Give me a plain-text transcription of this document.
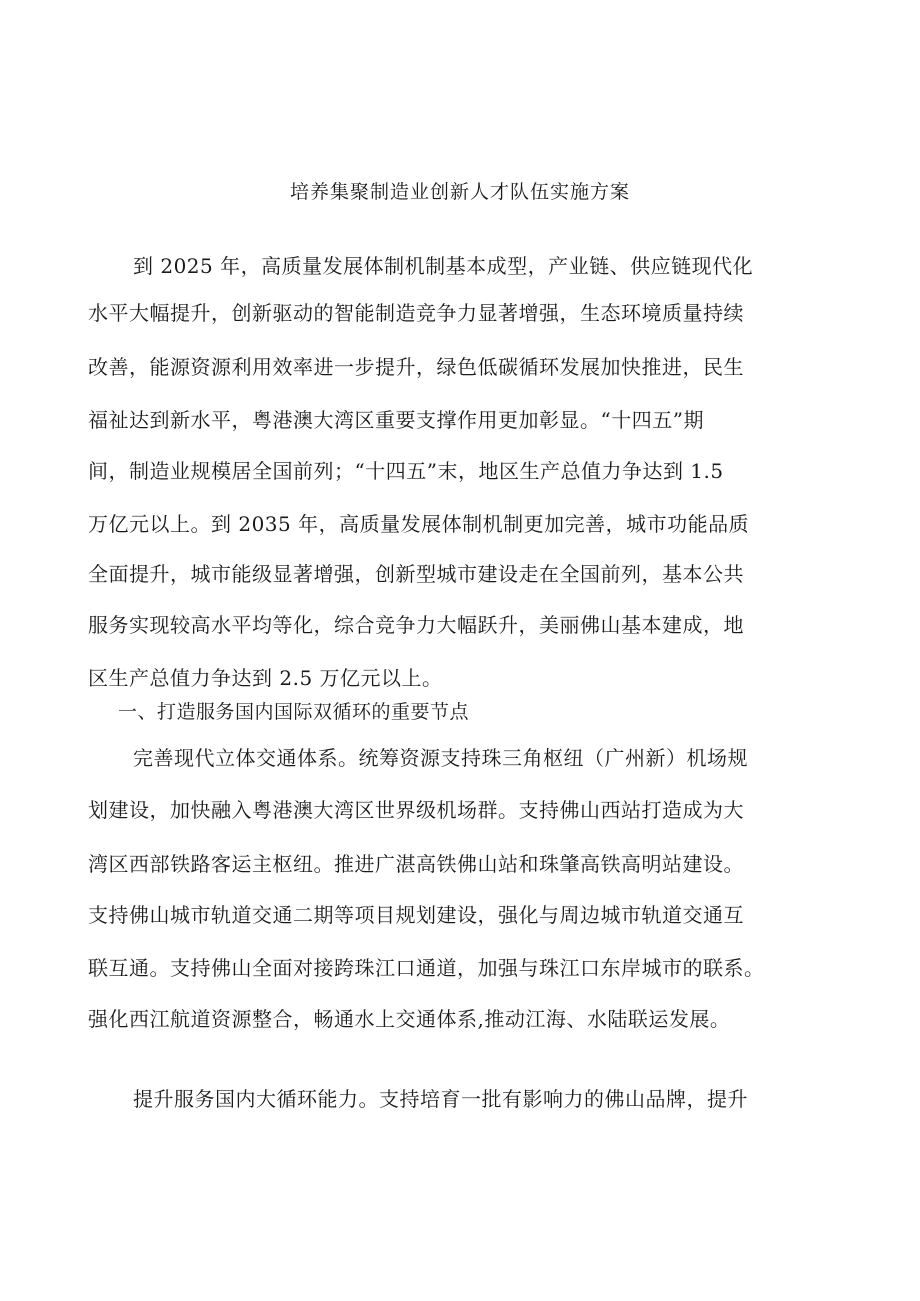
培养集聚制造业创新人才队伍实施方案
到 2025 年，高质量发展体制机制基本成型，产业链、供应链现代化
水平大幅提升，创新驱动的智能制造竞争力显著增强，生态环境质量持续
改善，能源资源利用效率进一步提升，绿色低碳循环发展加快推进，民生
福祉达到新水平，粤港澳大湾区重要支撑作用更加彰显。“十四五”期
间，制造业规模居全国前列；“十四五”末，地区生产总值力争达到 1.5
万亿元以上。到 2035 年，高质量发展体制机制更加完善，城市功能品质
全面提升，城市能级显著增强，创新型城市建设走在全国前列，基本公共
服务实现较高水平均等化，综合竞争力大幅跃升，美丽佛山基本建成，地
区生产总值力争达到 2.5 万亿元以上。
一、打造服务国内国际双循环的重要节点
完善现代立体交通体系。统筹资源支持珠三角枢纽（广州新）机场规
划建设，加快融入粤港澳大湾区世界级机场群。支持佛山西站打造成为大
湾区西部铁路客运主枢纽。推进广湛高铁佛山站和珠肇高铁高明站建设。
支持佛山城市轨道交通二期等项目规划建设，强化与周边城市轨道交通互
联互通。支持佛山全面对接跨珠江口通道，加强与珠江口东岸城市的联系。
强化西江航道资源整合，畅通水上交通体系,推动江海、水陆联运发展。
提升服务国内大循环能力。支持培育一批有影响力的佛山品牌，提升
